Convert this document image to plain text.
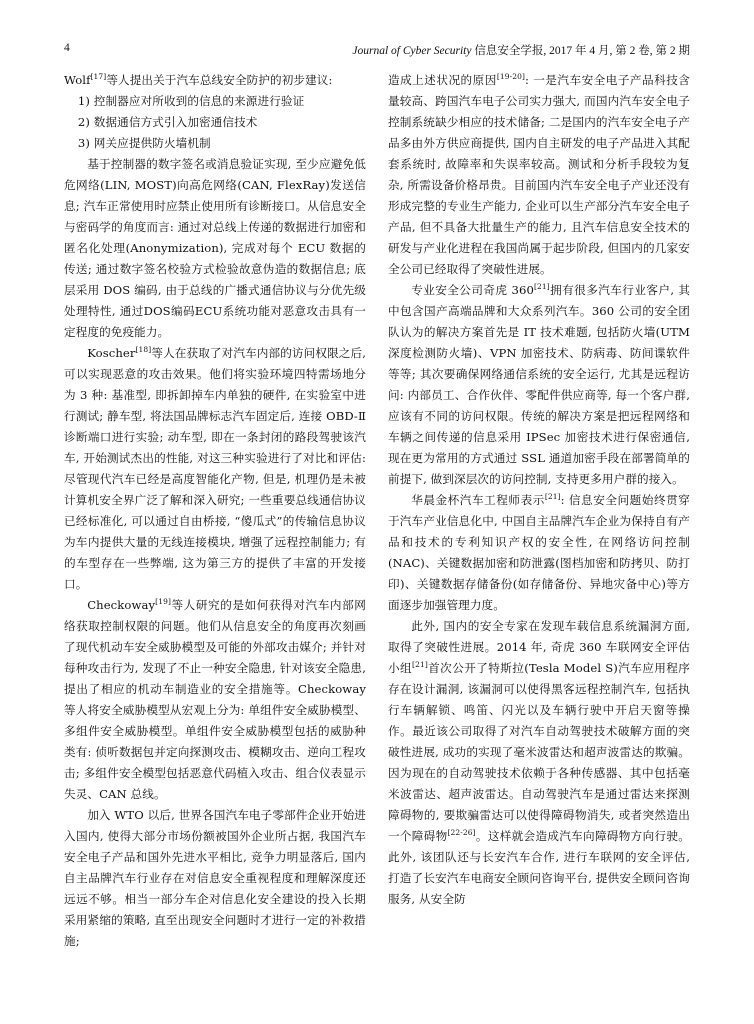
4	Journal of Cyber Security 信息安全学报, 2017 年 4 月, 第 2 卷, 第 2 期

Wolf[17]等人提出关于汽车总线安全防护的初步建议:

1) 控制器应对所收到的信息的来源进行验证

2) 数据通信方式引入加密通信技术

3) 网关应提供防火墙机制

基于控制器的数字签名或消息验证实现, 至少应避免低危网络(LIN, MOST)向高危网络(CAN, FlexRay)发送信息; 汽车正常使用时应禁止使用所有诊断接口。从信息安全与密码学的角度而言: 通过对总线上传递的数据进行加密和匿名化处理(Anonymization), 完成对每个 ECU 数据的传送; 通过数字签名校验方式检验故意伪造的数据信息; 底层采用 DOS 编码, 由于总线的广播式通信协议与分优先级处理特性, 通过DOS编码ECU系统功能对恶意攻击具有一定程度的免疫能力。

Koscher[18]等人在获取了对汽车内部的访问权限之后, 可以实现恶意的攻击效果。他们将实验环境四特需场地分为 3 种: 基准型, 即拆卸掉车内单独的硬件, 在实验室中进行测试; 静车型, 将法国品牌标志汽车固定后, 连接 OBD-Ⅱ诊断端口进行实验; 动车型, 即在一条封闭的路段驾驶该汽车, 开始测试杰出的性能, 对这三种实验进行了对比和评估: 尽管现代汽车已经是高度智能化产物, 但是, 机理仍是未被计算机安全界广泛了解和深入研究; 一些重要总线通信协议已经标准化, 可以通过自由桥接, “傻瓜式”的传输信息协议为车内提供大量的无线连接模块, 增强了远程控制能力; 有的车型存在一些弊端, 这为第三方的提供了丰富的开发接口。

Checkoway[19]等人研究的是如何获得对汽车内部网络获取控制权限的问题。他们从信息安全的角度再次刻画了现代机动车安全威胁模型及可能的外部攻击媒介; 并针对每种攻击行为, 发现了不止一种安全隐患, 针对该安全隐患, 提出了相应的机动车制造业的安全措施等。Checkoway 等人将安全威胁模型从宏观上分为: 单组件安全威胁模型、多组件安全威胁模型。单组件安全威胁模型包括的威胁种类有: 侦听数据包并定向探测攻击、模糊攻击、逆向工程攻击; 多组件安全模型包括恶意代码植入攻击、组合仪表显示失灵、CAN 总线。

加入 WTO 以后, 世界各国汽车电子零部件企业开始进入国内, 使得大部分市场份额被国外企业所占据, 我国汽车安全电子产品和国外先进水平相比, 竞争力明显落后, 国内自主品牌汽车行业存在对信息安全重视程度和理解深度还远远不够。相当一部分车企对信息化安全建设的投入长期采用紧缩的策略, 直至出现安全问题时才进行一定的补救措施;

造成上述状况的原因[19-20]: 一是汽车安全电子产品科技含量较高、跨国汽车电子公司实力强大, 而国内汽车安全电子控制系统缺少相应的技术储备; 二是国内的汽车安全电子产品多由外方供应商提供, 国内自主研发的电子产品进入其配套系统时, 故障率和失误率较高。测试和分析手段较为复杂, 所需设备价格昂贵。目前国内汽车安全电子产业还没有形成完整的专业生产能力, 企业可以生产部分汽车安全电子产品, 但不具备大批量生产的能力, 且汽车信息安全技术的研发与产业化进程在我国尚属于起步阶段, 但国内的几家安全公司已经取得了突破性进展。

专业安全公司奇虎 360[21]拥有很多汽车行业客户, 其中包含国产高端品牌和大众系列汽车。360 公司的安全团队认为的解决方案首先是 IT 技术难题, 包括防火墙(UTM 深度检测防火墙)、VPN 加密技术、防病毒、防间谍软件等等; 其次要确保网络通信系统的安全运行, 尤其是远程访问: 内部员工、合作伙伴、零配件供应商等, 每一个客户群, 应该有不同的访问权限。传统的解决方案是把远程网络和车辆之间传递的信息采用 IPSec 加密技术进行保密通信, 现在更为常用的方式通过 SSL 通道加密手段在部署简单的前提下, 做到深层次的访问控制, 支持更多用户群的接入。

华晨金杯汽车工程师表示[21]: 信息安全问题始终贯穿于汽车产业信息化中, 中国自主品牌汽车企业为保持自有产品和技术的专利知识产权的安全性, 在网络访问控制(NAC)、关键数据加密和防泄露(图档加密和防拷贝、防打印)、关键数据存储备份(如存储备份、异地灾备中心)等方面逐步加强管理力度。

此外, 国内的安全专家在发现车载信息系统漏洞方面, 取得了突破性进展。2014 年, 奇虎 360 车联网安全评估小组[21]首次公开了特斯拉(Tesla Model S)汽车应用程序存在设计漏洞, 该漏洞可以使得黑客远程控制汽车, 包括执行车辆解锁、鸣笛、闪光以及车辆行驶中开启天窗等操作。最近该公司取得了对汽车自动驾驶技术破解方面的突破性进展, 成功的实现了毫米波雷达和超声波雷达的欺骗。因为现在的自动驾驶技术依赖于各种传感器、其中包括毫米波雷达、超声波雷达。自动驾驶汽车是通过雷达来探测障碍物的, 要欺骗雷达可以使得障碍物消失, 或者突然造出一个障碍物[22-26]。这样就会造成汽车向障碍物方向行驶。此外, 该团队还与长安汽车合作, 进行车联网的安全评估, 打造了长安汽车电商安全顾问咨询平台, 提供安全顾问咨询服务, 从安全防
